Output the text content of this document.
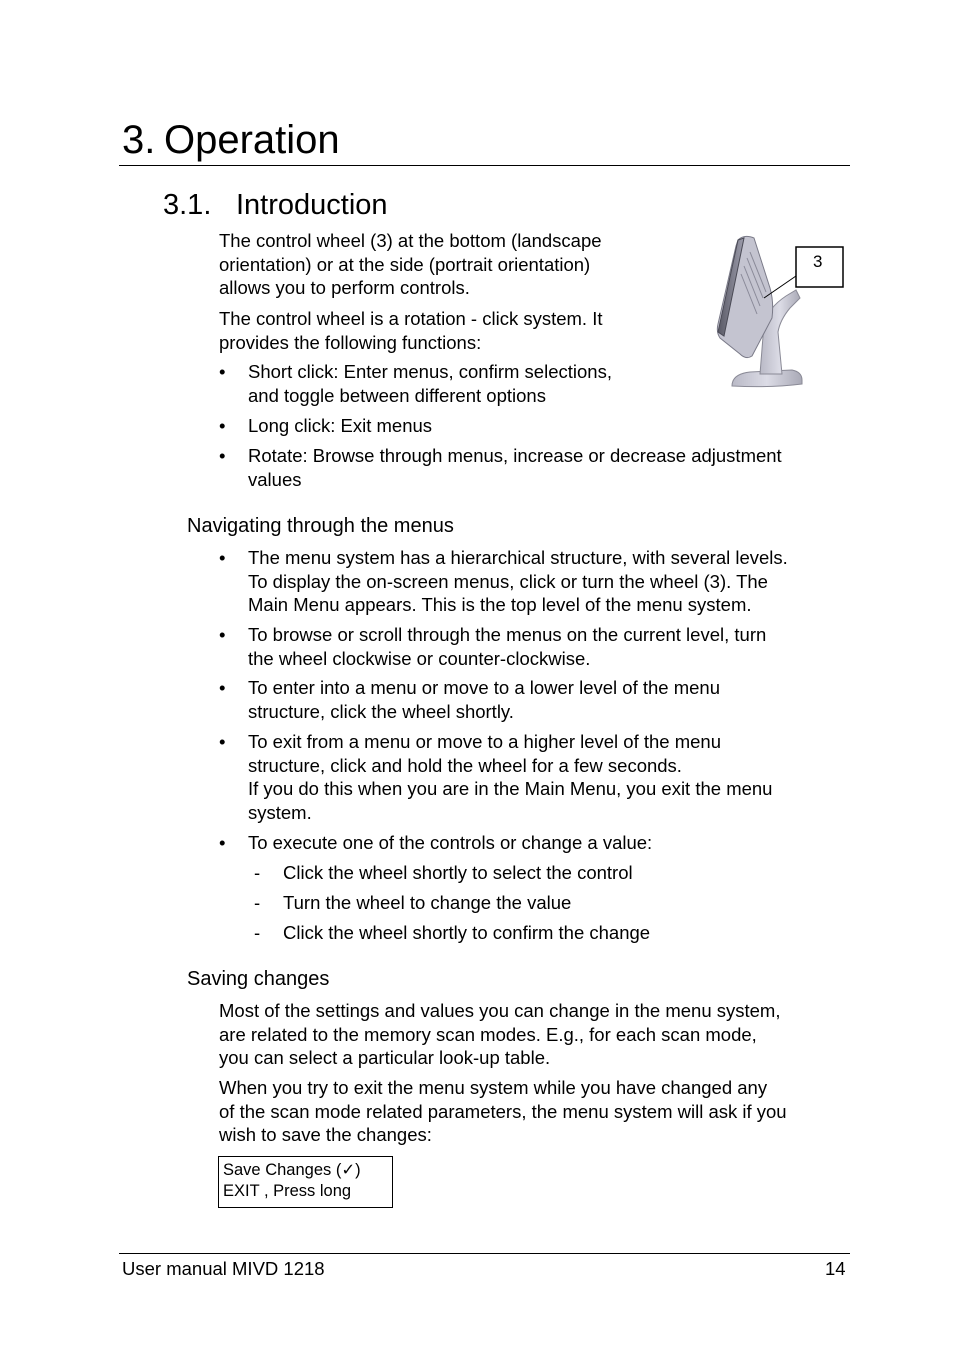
3. Operation
3.1. Introduction
The control wheel (3) at the bottom (landscape
orientation) or at the side (portrait orientation)
allows you to perform controls.
The control wheel is a rotation - click system. It
provides the following functions:
• Short click: Enter menus, confirm selections,
and toggle between different options
• Long click: Exit menus
• Rotate: Browse through menus, increase or decrease adjustment
values
3
Navigating through the menus
• The menu system has a hierarchical structure, with several levels.
To display the on-screen menus, click or turn the wheel (3). The
Main Menu appears. This is the top level of the menu system.
• To browse or scroll through the menus on the current level, turn
the wheel clockwise or counter-clockwise.
• To enter into a menu or move to a lower level of the menu
structure, click the wheel shortly.
• To exit from a menu or move to a higher level of the menu
structure, click and hold the wheel for a few seconds.
If you do this when you are in the Main Menu, you exit the menu
system.
• To execute one of the controls or change a value:
- Click the wheel shortly to select the control
- Turn the wheel to change the value
- Click the wheel shortly to confirm the change
Saving changes
Most of the settings and values you can change in the menu system,
are related to the memory scan modes. E.g., for each scan mode,
you can select a particular look-up table.
When you try to exit the menu system while you have changed any
of the scan mode related parameters, the menu system will ask if you
wish to save the changes:
Save Changes (✓)
EXIT , Press long
User manual MIVD 1218	14
